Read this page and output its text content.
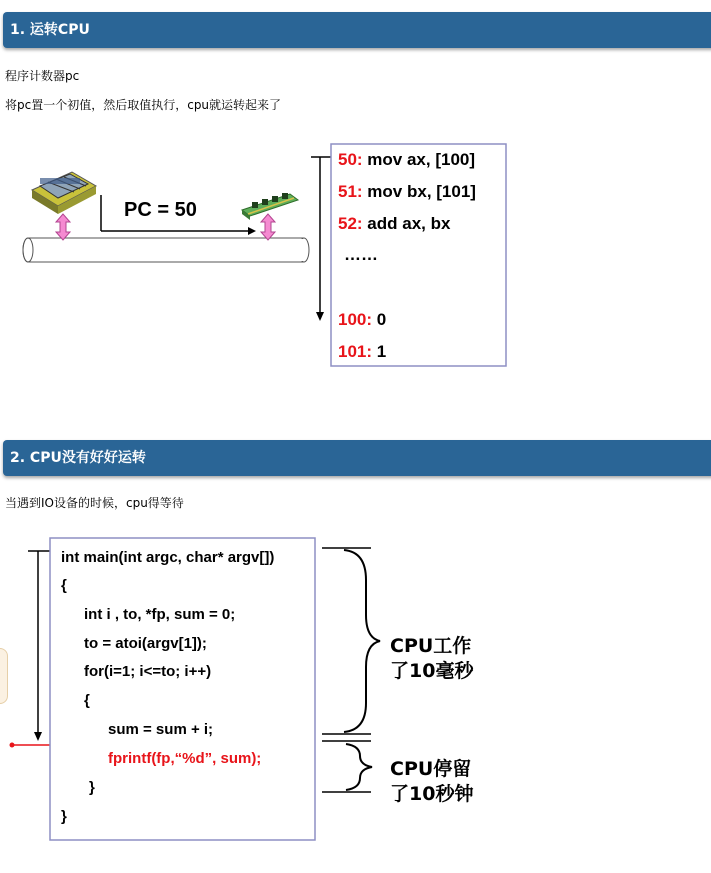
1. 运转CPU
程序计数器pc
将pc置一个初值，然后取值执行，cpu就运转起来了
PC = 50
50: mov ax, [100]
51: mov bx, [101]
52: add ax, bx
……
100: 0
101: 1
2. CPU没有好好运转
当遇到IO设备的时候，cpu得等待
int main(int argc, char* argv[])
{
int i , to, *fp, sum = 0;
to = atoi(argv[1]);
for(i=1; i<=to; i++)
{
sum = sum + i;
fprintf(fp,“%d”, sum);
}
}
CPU工作
了10毫秒
CPU停留
了10秒钟
